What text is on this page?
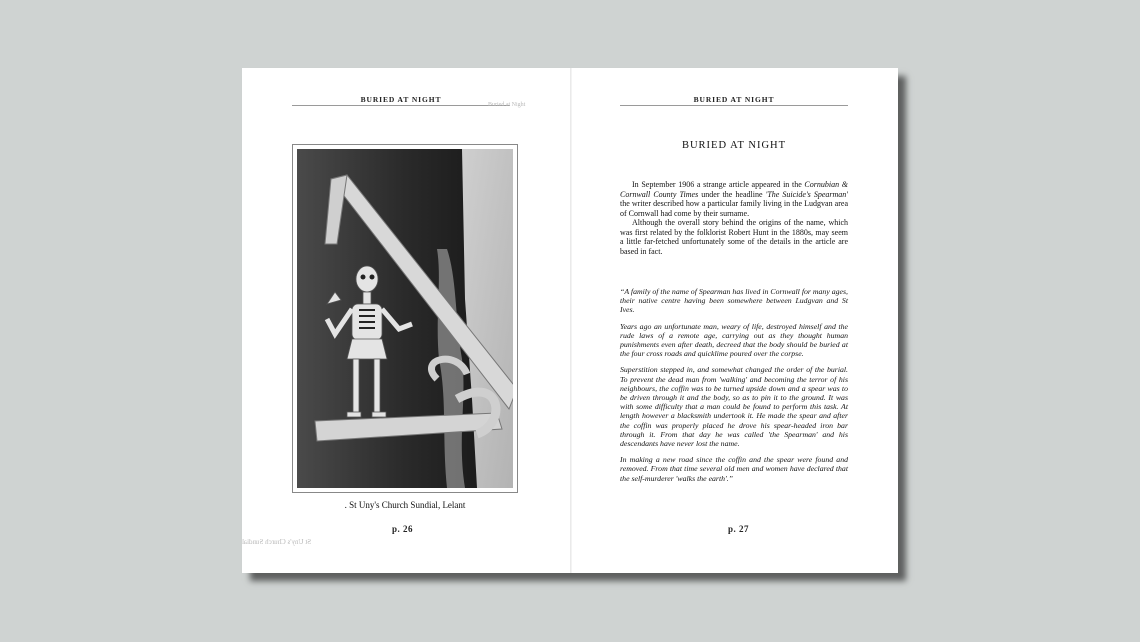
BURIED AT NIGHT
Buried at Night
. St Uny's Church Sundial, Lelant
St Uny's Church Sundial
p. 26
BURIED AT NIGHT
BURIED AT NIGHT

In September 1906 a strange article appeared in the Cornubian & Cornwall County Times under the headline 'The Suicide's Spearman' the writer described how a particular family living in the Ludgvan area of Cornwall had come by their surname.

Although the overall story behind the origins of the name, which was first related by the folklorist Robert Hunt in the 1880s, may seem a little far-fetched unfortunately some of the details in the article are based in fact.

“A family of the name of Spearman has lived in Cornwall for many ages, their native centre having been somewhere between Ludgvan and St Ives.

Years ago an unfortunate man, weary of life, destroyed himself and the rude laws of a remote age, carrying out as they thought human punishments even after death, decreed that the body should be buried at the four cross roads and quicklime poured over the corpse.

Superstition stepped in, and somewhat changed the order of the burial. To prevent the dead man from 'walking' and becoming the terror of his neighbours, the coffin was to be turned upside down and a spear was to be driven through it and the body, so as to pin it to the ground. It was with some difficulty that a man could be found to perform this task. At length however a blacksmith undertook it. He made the spear and after the coffin was properly placed he drove his spear-headed iron bar through it. From that day he was called 'the Spearman' and his descendants have never lost the name.

In making a new road since the coffin and the spear were found and removed. From that time several old men and women have declared that the self-murderer 'walks the earth'.”

p. 27
